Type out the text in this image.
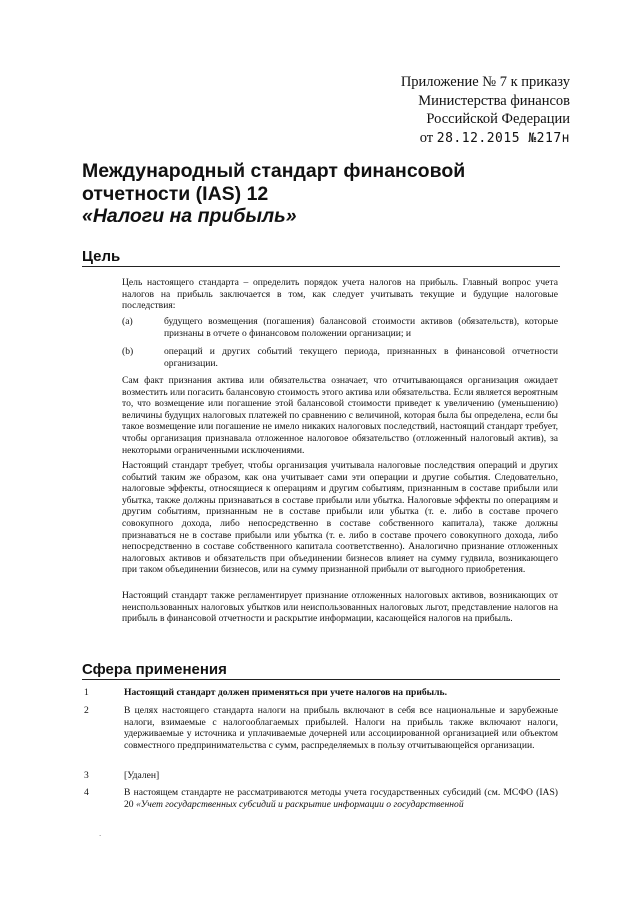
Приложение № 7 к приказу
Министерства финансов
Российской Федерации
от 28.12.2015 №217н
Международный стандарт финансовой
отчетности (IAS) 12
«Налоги на прибыль»
Цель
Цель настоящего стандарта – определить порядок учета налогов на прибыль. Главный вопрос учета налогов на прибыль заключается в том, как следует учитывать текущие и будущие налоговые последствия:
(a)	будущего возмещения (погашения) балансовой стоимости активов (обязательств), которые признаны в отчете о финансовом положении организации; и
(b)	операций и других событий текущего периода, признанных в финансовой отчетности организации.
Сам факт признания актива или обязательства означает, что отчитывающаяся организация ожидает возместить или погасить балансовую стоимость этого актива или обязательства. Если является вероятным то, что возмещение или погашение этой балансовой стоимости приведет к увеличению (уменьшению) величины будущих налоговых платежей по сравнению с величиной, которая была бы определена, если бы такое возмещение или погашение не имело никаких налоговых последствий, настоящий стандарт требует, чтобы организация признавала отложенное налоговое обязательство (отложенный налоговый актив), за некоторыми ограниченными исключениями.
Настоящий стандарт требует, чтобы организация учитывала налоговые последствия операций и других событий таким же образом, как она учитывает сами эти операции и другие события. Следовательно, налоговые эффекты, относящиеся к операциям и другим событиям, признанным в составе прибыли или убытка, также должны признаваться в составе прибыли или убытка. Налоговые эффекты по операциям и другим событиям, признанным не в составе прибыли или убытка (т. е. либо в составе прочего совокупного дохода, либо непосредственно в составе собственного капитала), также должны признаваться не в составе прибыли или убытка (т. е. либо в составе прочего совокупного дохода, либо непосредственно в составе собственного капитала соответственно). Аналогично признание отложенных налоговых активов и обязательств при объединении бизнесов влияет на сумму гудвила, возникающего при таком объединении бизнесов, или на сумму признанной прибыли от выгодного приобретения.
Настоящий стандарт также регламентирует признание отложенных налоговых активов, возникающих от неиспользованных налоговых убытков или неиспользованных налоговых льгот, представление налогов на прибыль в финансовой отчетности и раскрытие информации, касающейся налогов на прибыль.
Сфера применения
1	Настоящий стандарт должен применяться при учете налогов на прибыль.
2	В целях настоящего стандарта налоги на прибыль включают в себя все национальные и зарубежные налоги, взимаемые с налогооблагаемых прибылей. Налоги на прибыль также включают налоги, удерживаемые у источника и уплачиваемые дочерней или ассоциированной организацией или объектом совместного предпринимательства с сумм, распределяемых в пользу отчитывающейся организации.
3	[Удален]
4	В настоящем стандарте не рассматриваются методы учета государственных субсидий (см. МСФО (IAS) 20 «Учет государственных субсидий и раскрытие информации о государственной
·
